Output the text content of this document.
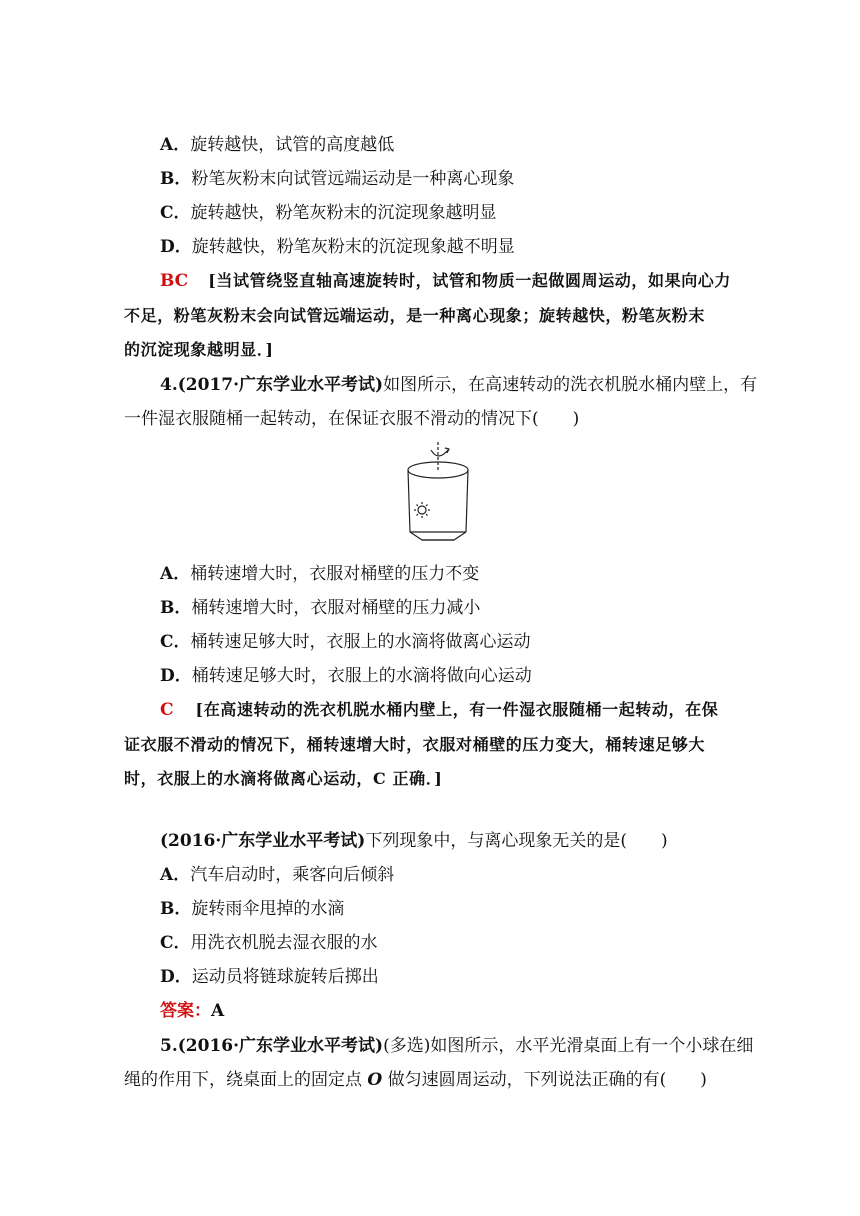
A．旋转越快，试管的高度越低
B．粉笔灰粉末向试管远端运动是一种离心现象
C．旋转越快，粉笔灰粉末的沉淀现象越明显
D．旋转越快，粉笔灰粉末的沉淀现象越不明显
BC [当试管绕竖直轴高速旋转时，试管和物质一起做圆周运动，如果向心力
不足，粉笔灰粉末会向试管远端运动，是一种离心现象；旋转越快，粉笔灰粉末
的沉淀现象越明显．]
4.(2017·广东学业水平考试)如图所示，在高速转动的洗衣机脱水桶内壁上，有
一件湿衣服随桶一起转动，在保证衣服不滑动的情况下(　　)
A．桶转速增大时，衣服对桶壁的压力不变
B．桶转速增大时，衣服对桶壁的压力减小
C．桶转速足够大时，衣服上的水滴将做离心运动
D．桶转速足够大时，衣服上的水滴将做向心运动
C [在高速转动的洗衣机脱水桶内壁上，有一件湿衣服随桶一起转动，在保
证衣服不滑动的情况下，桶转速增大时，衣服对桶壁的压力变大，桶转速足够大
时，衣服上的水滴将做离心运动，C 正确．]
(2016·广东学业水平考试)下列现象中，与离心现象无关的是(　　)
A．汽车启动时，乘客向后倾斜
B．旋转雨伞甩掉的水滴
C．用洗衣机脱去湿衣服的水
D．运动员将链球旋转后掷出
答案：A
5.(2016·广东学业水平考试)(多选)如图所示，水平光滑桌面上有一个小球在细
绳的作用下，绕桌面上的固定点 O 做匀速圆周运动，下列说法正确的有(　　)
